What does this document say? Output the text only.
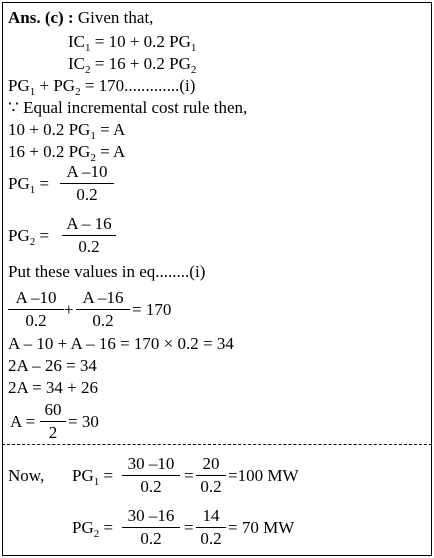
Ans. (c) : Given that,
$IC_1 = 10 + 0.2$ $PG_1$
$IC_2 = 16 + 0.2$ $PG_2$
$PG_1 + PG_2 = 170.............(i)$
∵ Equal incremental cost rule then,
10 + 0.2 $PG_1 = A$
16 + 0.2 $PG_2 = A$
$PG_1$ =
A –10
0.2
$PG_2$ =
A – 16
0.2
Put these values in eq........(i)
A –10
0.2
+
A –16
0.2
= 170
A – 10 + A – 16 = 170 × 0.2 = 34
2A – 26 = 34
2A = 34 + 26
A =
60
2
= 30
Now, $PG_1$ =
30 –10
0.2
=
20
0.2
=100 MW
$PG_2$ =
30 –16
0.2
=
14
0.2
= 70 MW
